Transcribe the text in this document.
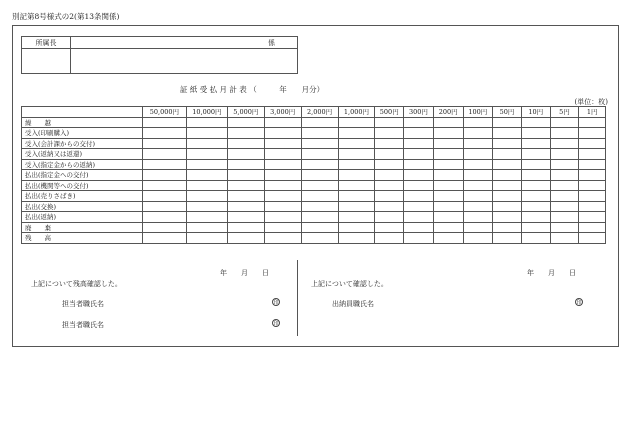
別記第8号様式の2(第13条関係)
所属長	係

証 紙 受 払 月 計 表 （　　　年　　月分）
(単位：枚)
	50,000円	10,000円	5,000円	3,000円	2,000円	1,000円	500円	300円	200円	100円	50円	10円	5円	1円
繰　　越														
受入(印刷購入)														
受入(会計課からの交付)														
受入(返納又は返還)														
受入(指定金からの返納)														
払出(指定金への交付)														
払出(機関等への交付)														
払出(売りさばき)														
払出(交換)														
払出(返納)														
廃　　棄														
残　　高														
年　　月　　日
上記について残高確認した。
担当者職氏名	印
担当者職氏名	印
年　　月　　日
上記について確認した。
出納員職氏名	印
